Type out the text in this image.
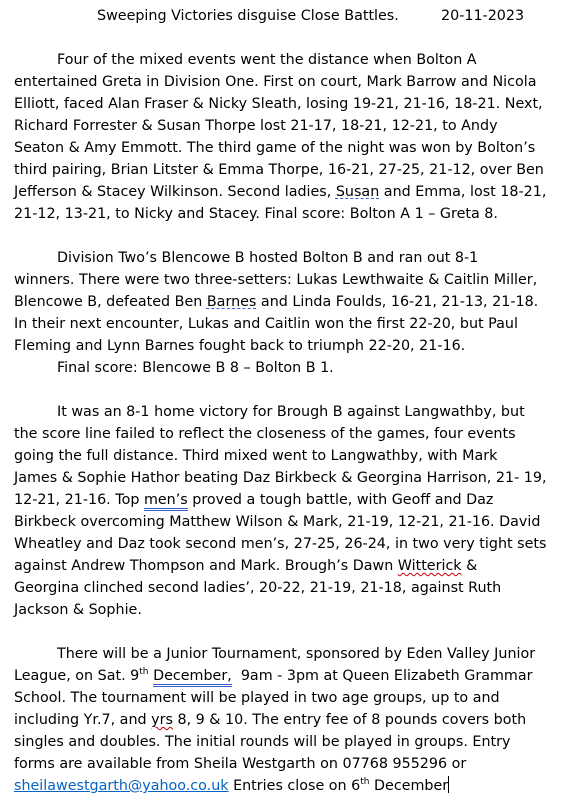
Sweeping Victories disguise Close Battles.	20-11-2023
Four of the mixed events went the distance when Bolton A
entertained Greta in Division One. First on court, Mark Barrow and Nicola
Elliott, faced Alan Fraser & Nicky Sleath, losing 19-21, 21-16, 18-21. Next,
Richard Forrester & Susan Thorpe lost 21-17, 18-21, 12-21, to Andy
Seaton & Amy Emmott. The third game of the night was won by Bolton’s
third pairing, Brian Litster & Emma Thorpe, 16-21, 27-25, 21-12, over Ben
Jefferson & Stacey Wilkinson. Second ladies, Susan and Emma, lost 18-21,
21-12, 13-21, to Nicky and Stacey. Final score: Bolton A 1 – Greta 8.
Division Two’s Blencowe B hosted Bolton B and ran out 8-1
winners. There were two three-setters: Lukas Lewthwaite & Caitlin Miller,
Blencowe B, defeated Ben Barnes and Linda Foulds, 16-21, 21-13, 21-18.
In their next encounter, Lukas and Caitlin won the first 22-20, but Paul
Fleming and Lynn Barnes fought back to triumph 22-20, 21-16.
Final score: Blencowe B 8 – Bolton B 1.
It was an 8-1 home victory for Brough B against Langwathby, but
the score line failed to reflect the closeness of the games, four events
going the full distance. Third mixed went to Langwathby, with Mark
James & Sophie Hathor beating Daz Birkbeck & Georgina Harrison, 21- 19,
12-21, 21-16. Top men’s proved a tough battle, with Geoff and Daz
Birkbeck overcoming Matthew Wilson & Mark, 21-19, 12-21, 21-16. David
Wheatley and Daz took second men’s, 27-25, 26-24, in two very tight sets
against Andrew Thompson and Mark. Brough’s Dawn Witterick &
Georgina clinched second ladies’, 20-22, 21-19, 21-18, against Ruth
Jackson & Sophie.
There will be a Junior Tournament, sponsored by Eden Valley Junior
League, on Sat. 9th December,  9am - 3pm at Queen Elizabeth Grammar
School. The tournament will be played in two age groups, up to and
including Yr.7, and yrs 8, 9 & 10. The entry fee of 8 pounds covers both
singles and doubles. The initial rounds will be played in groups. Entry
forms are available from Sheila Westgarth on 07768 955296 or
sheilawestgarth@yahoo.co.uk Entries close on 6th December
